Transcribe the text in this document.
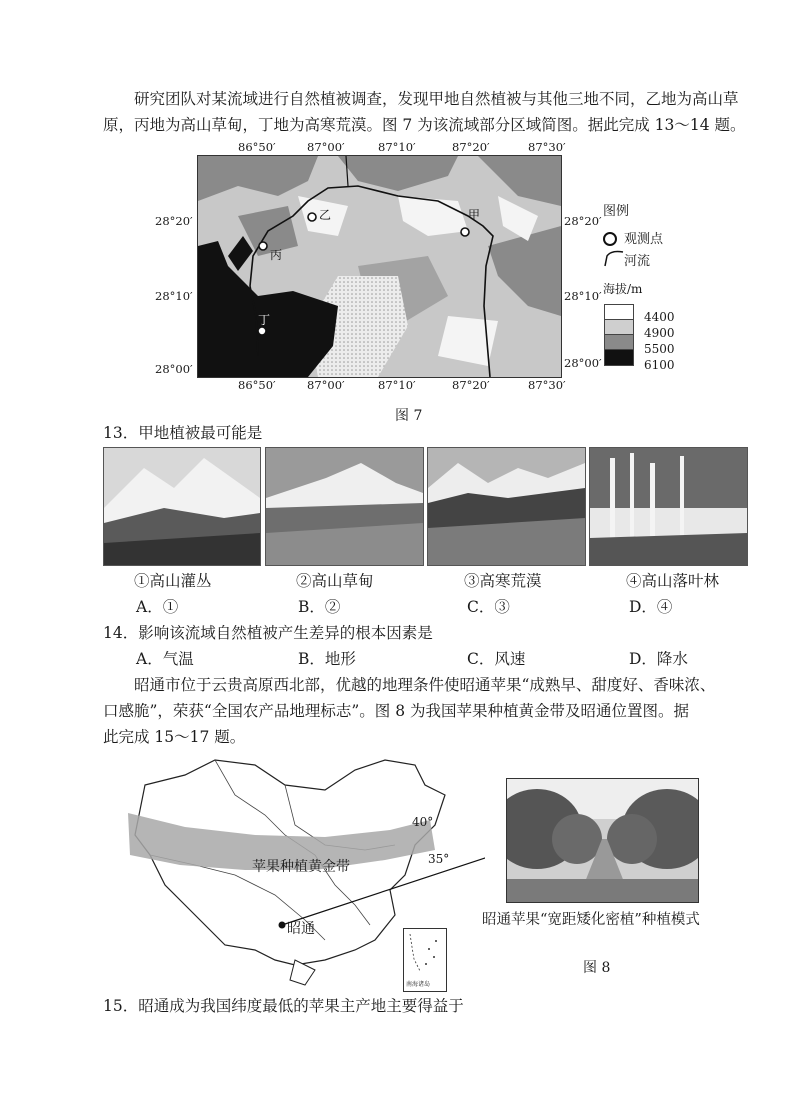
研究团队对某流域进行自然植被调查，发现甲地自然植被与其他三地不同，乙地为高山草
原，丙地为高山草甸，丁地为高寒荒漠。图 7 为该流域部分区域简图。据此完成 13～14 题。
86°50′	87°00′	87°10′	87°20′	87°30′
86°50′	87°00′	87°10′	87°20′	87°30′
28°20′
28°10′
28°00′
28°20′
28°10′
28°00′
乙
丙
甲
丁
图例
观测点
河流
海拔/m
4400
4900
5500
6100
图 7
13．甲地植被最可能是
①高山灌丛	②高山草甸	③高寒荒漠	④高山落叶林
A．①	B．②	C．③	D．④
14．影响该流域自然植被产生差异的根本因素是
A．气温	B．地形	C．风速	D．降水
昭通市位于云贵高原西北部，优越的地理条件使昭通苹果“成熟早、甜度好、香味浓、
口感脆”，荣获“全国农产品地理标志”。图 8 为我国苹果种植黄金带及昭通位置图。据
此完成 15～17 题。
苹果种植黄金带
40°
35°
昭通
南海诸岛
昭通苹果“宽距矮化密植”种植模式
图 8
15．昭通成为我国纬度最低的苹果主产地主要得益于
